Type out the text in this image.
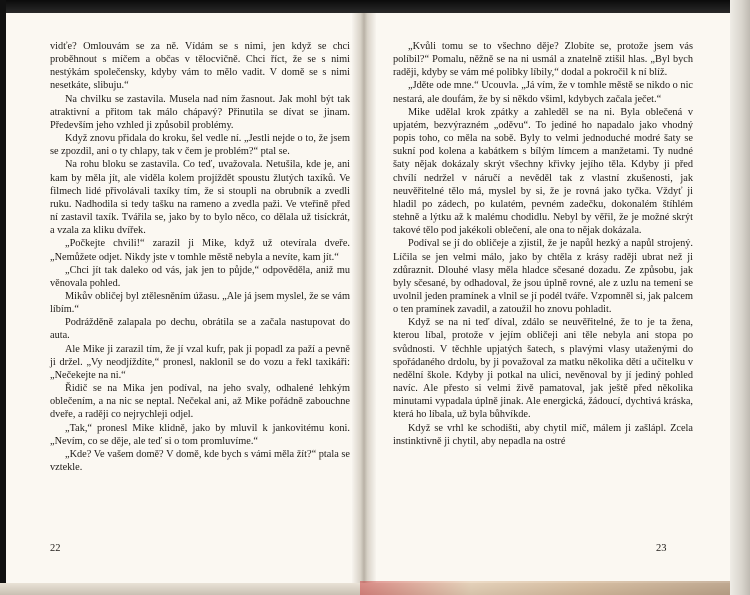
vidťe? Omlouvám se za ně. Vídám se s nimi, jen když se chci proběhnout s míčem a občas v tělocvičně. Chci říct, že se s nimi nestýkám společensky, kdyby vám to mělo vadit. V domě se s nimi nesetkáte, slibuju.“

Na chvilku se zastavila. Musela nad ním žasnout. Jak mohl být tak atraktivní a přitom tak málo chápavý? Přinutila se dívat se jinam. Především jeho vzhled ji způsobil problémy.

Když znovu přidala do kroku, šel vedle ní. „Jestli nejde o to, že jsem se zpozdil, ani o ty chlapy, tak v čem je problém?“ ptal se.

Na rohu bloku se zastavila. Co teď, uvažovala. Netušila, kde je, ani kam by měla jít, ale viděla kolem projíždět spoustu žlutých taxíků. Ve filmech lidé přivolávali taxíky tím, že si stoupli na obrubník a zvedli ruku. Nadhodila si tedy tašku na rameno a zvedla paži. Ve vteřině před ní zastavil taxík. Tvářila se, jako by to bylo něco, co dělala už tisíckrát, a vzala za kliku dvířek.

„Počkejte chvili!“ zarazil ji Mike, když už otevírala dveře. „Nemůžete odjet. Nikdy jste v tomhle městě nebyla a nevíte, kam jít.“

„Chci jít tak daleko od vás, jak jen to půjde,“ odpověděla, aniž mu věnovala pohled.

Mikův obličej byl ztělesněním úžasu. „Ale já jsem myslel, že se vám líbím.“

Podrážděně zalapala po dechu, obrátila se a začala nastupovat do auta.

Ale Mike ji zarazil tím, že jí vzal kufr, pak ji popadl za paží a pevně ji držel. „Vy neodjíždíte,“ pronesl, naklonil se do vozu a řekl taxikáři: „Nečekejte na ni.“

Řidič se na Mika jen podíval, na jeho svaly, odhalené lehkým oblečením, a na nic se neptal. Nečekal ani, až Mike pořádně zabouchne dveře, a raději co nejrychleji odjel.

„Tak,“ pronesl Mike klidně, jako by mluvil k jankovitému koni. „Nevím, co se děje, ale teď si o tom promluvíme.“

„Kde? Ve vašem domě? V domě, kde bych s vámi měla žít?“ ptala se vztekle.

22

„Kvůli tomu se to všechno děje? Zlobíte se, protože jsem vás políbil?“ Pomalu, něžně se na ni usmál a znatelně ztišil hlas. „Byl bych raději, kdyby se vám mé polibky líbily,“ dodal a pokročil k ní blíž.

„Jděte ode mne.“ Ucouvla. „Já vím, že v tomhle městě se nikdo o nic nestará, ale doufám, že by si někdo všiml, kdybych začala ječet.“

Mike udělal krok zpátky a zahleděl se na ni. Byla oblečená v upjatém, bezvýrazném „oděvu“. To jediné ho napadalo jako vhodný popis toho, co měla na sobě. Byly to velmi jednoduché modré šaty se sukní pod kolena a kabátkem s bílým límcem a manžetami. Ty nudné šaty nějak dokázaly skrýt všechny křivky jejího těla. Kdyby ji před chvílí nedržel v náručí a nevěděl tak z vlastní zkušenosti, jak neuvěřitelné tělo má, myslel by si, že je rovná jako tyčka. Vždyť ji hladil po zádech, po kulatém, pevném zadečku, dokonalém štíhlém stehně a lýtku až k malému chodidlu. Nebyl by věřil, že je možné skrýt takové tělo pod jakékoli oblečení, ale ona to nějak dokázala.

Podíval se jí do obličeje a zjistil, že je napůl hezký a napůl strojený. Líčila se jen velmi málo, jako by chtěla z krásy raději ubrat než ji zdůraznit. Dlouhé vlasy měla hladce sčesané dozadu. Ze způsobu, jak byly sčesané, by odhadoval, že jsou úplně rovné, ale z uzlu na temeni se uvolnil jeden pramínek a vlnil se jí podél tváře. Vzpomněl si, jak palcem o ten pramínek zavadil, a zatoužil ho znovu pohladit.

Když se na ni teď díval, zdálo se neuvěřitelné, že to je ta žena, kterou líbal, protože v jejím obličeji ani těle nebyla ani stopa po svůdnosti. V těchhle upjatých šatech, s plavými vlasy utaženými do spořádaného drdolu, by ji považoval za matku několika dětí a učitelku v nedělní škole. Kdyby ji potkal na ulici, nevěnoval by jí jediný pohled navíc. Ale přesto si velmi živě pamatoval, jak ještě před několika minutami vypadala úplně jinak. Ale energická, žádoucí, dychtivá kráska, která ho líbala, už byla bůhvíkde.

Když se vrhl ke schodišti, aby chytil míč, málem ji zašlápl. Zcela instinktivně ji chytil, aby nepadla na ostré

23
